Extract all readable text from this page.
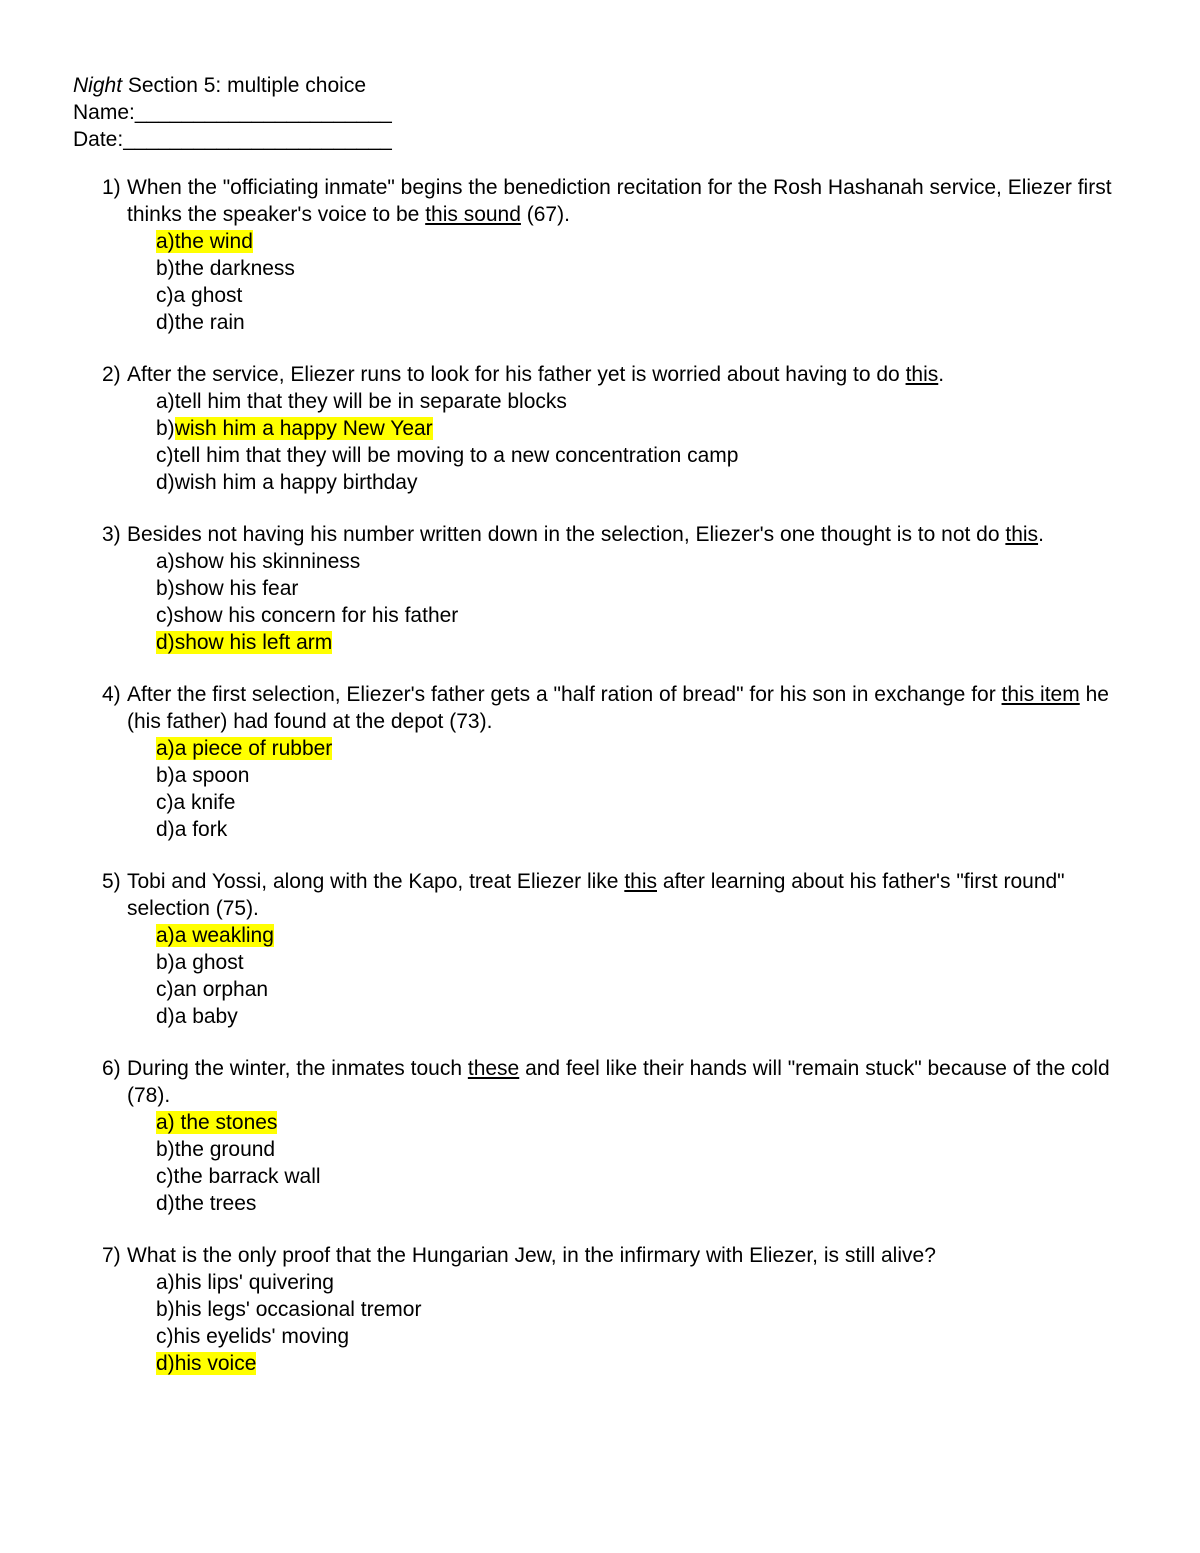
Night Section 5: multiple choice
Name:______________________
Date:_______________________
1) When the "officiating inmate" begins the benediction recitation for the Rosh Hashanah service, Eliezer first thinks the speaker's voice to be this sound (67).
a)the wind
b)the darkness
c)a ghost
d)the rain
2) After the service, Eliezer runs to look for his father yet is worried about having to do this.
a)tell him that they will be in separate blocks
b)wish him a happy New Year
c)tell him that they will be moving to a new concentration camp
d)wish him a happy birthday
3) Besides not having his number written down in the selection, Eliezer's one thought is to not do this.
a)show his skinniness
b)show his fear
c)show his concern for his father
d)show his left arm
4) After the first selection, Eliezer's father gets a "half ration of bread" for his son in exchange for this item he (his father) had found at the depot (73).
a)a piece of rubber
b)a spoon
c)a knife
d)a fork
5) Tobi and Yossi, along with the Kapo, treat Eliezer like this after learning about his father's "first round" selection (75).
a)a weakling
b)a ghost
c)an orphan
d)a baby
6) During the winter, the inmates touch these and feel like their hands will "remain stuck" because of the cold (78).
a) the stones
b)the ground
c)the barrack wall
d)the trees
7) What is the only proof that the Hungarian Jew, in the infirmary with Eliezer, is still alive?
a)his lips' quivering
b)his legs' occasional tremor
c)his eyelids' moving
d)his voice
